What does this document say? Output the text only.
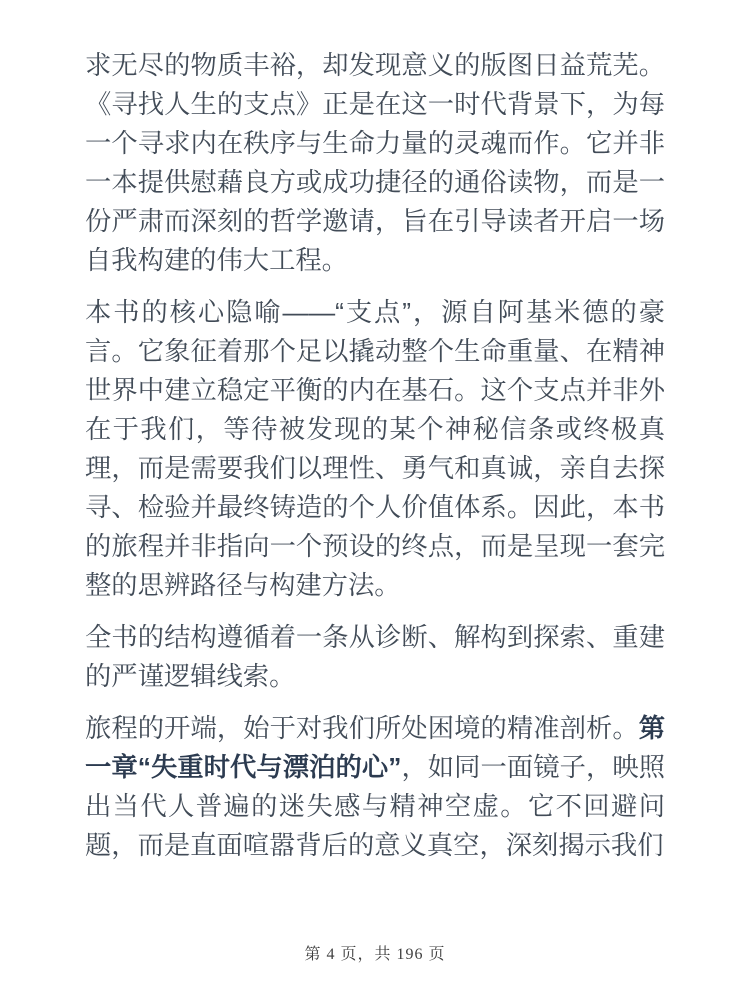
求无尽的物质丰裕，却发现意义的版图日益荒芜。《寻找人生的支点》正是在这一时代背景下，为每一个寻求内在秩序与生命力量的灵魂而作。它并非一本提供慰藉良方或成功捷径的通俗读物，而是一份严肃而深刻的哲学邀请，旨在引导读者开启一场自我构建的伟大工程。

本书的核心隐喻——“支点”，源自阿基米德的豪言。它象征着那个足以撬动整个生命重量、在精神世界中建立稳定平衡的内在基石。这个支点并非外在于我们，等待被发现的某个神秘信条或终极真理，而是需要我们以理性、勇气和真诚，亲自去探寻、检验并最终铸造的个人价值体系。因此，本书的旅程并非指向一个预设的终点，而是呈现一套完整的思辨路径与构建方法。

全书的结构遵循着一条从诊断、解构到探索、重建的严谨逻辑线索。

旅程的开端，始于对我们所处困境的精准剖析。第一章“失重时代与漂泊的心”，如同一面镜子，映照出当代人普遍的迷失感与精神空虚。它不回避问题，而是直面喧嚣背后的意义真空，深刻揭示我们

第 4 页，共 196 页
